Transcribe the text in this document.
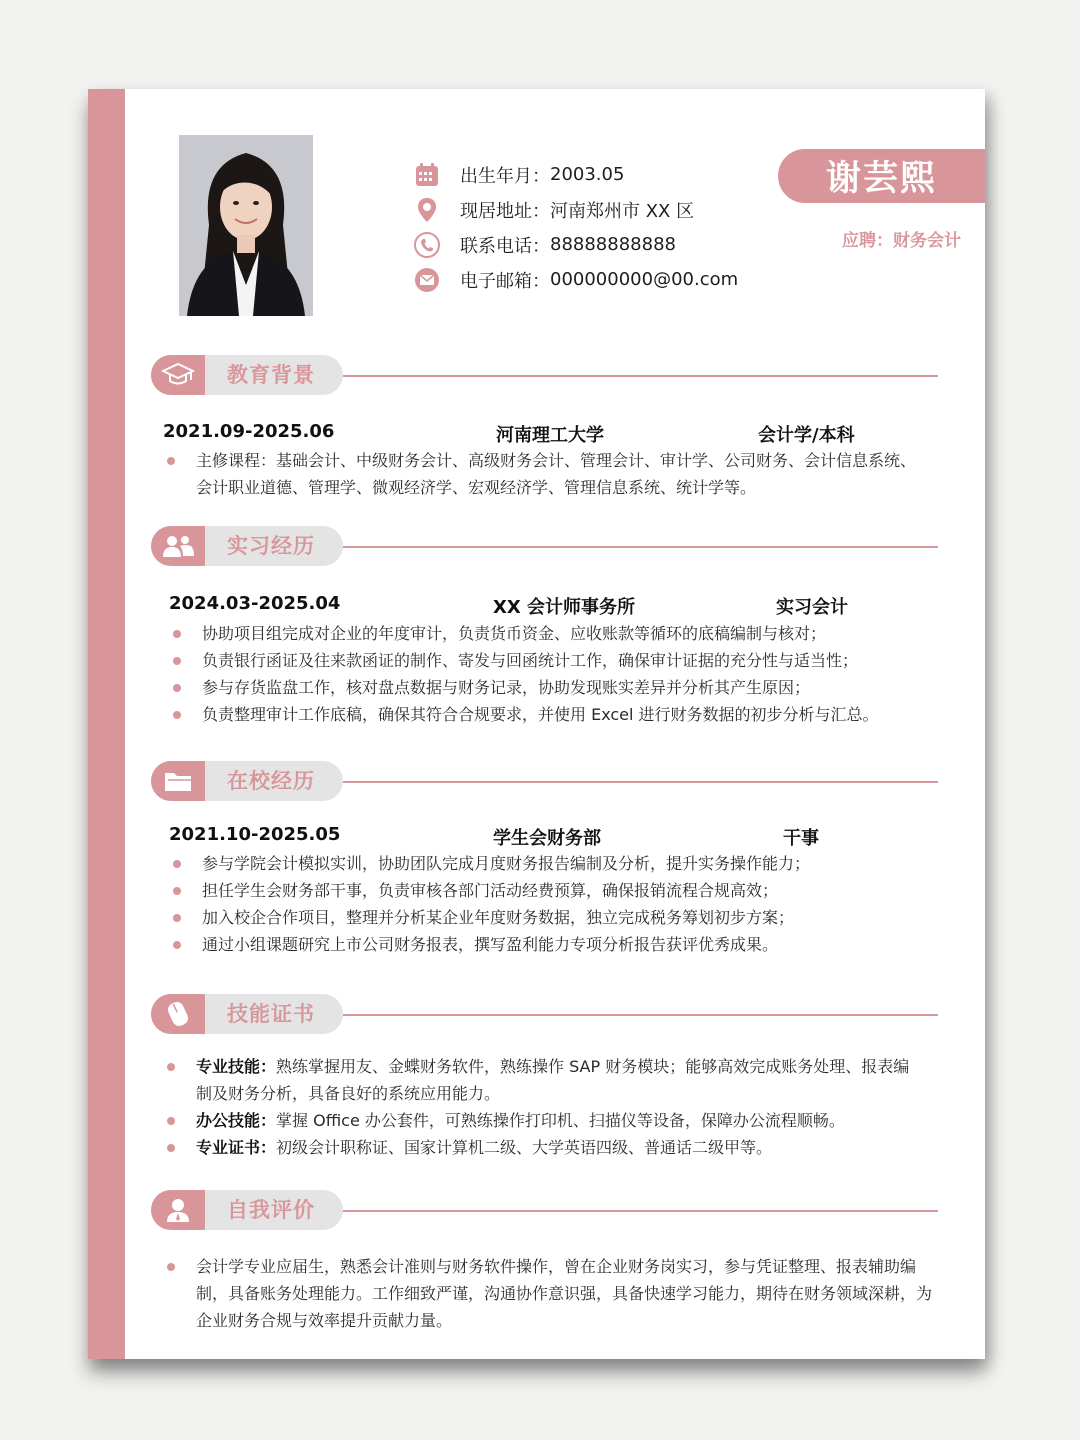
出生年月： 2003.05
现居地址： 河南郑州市 XX 区
联系电话： 88888888888
电子邮箱： 000000000@00.com
谢芸熙
应聘：财务会计
教育背景
2021.09-2025.06	河南理工大学	会计学/本科
主修课程：基础会计、中级财务会计、高级财务会计、管理会计、审计学、公司财务、会计信息系统、会计职业道德、管理学、微观经济学、宏观经济学、管理信息系统、统计学等。
实习经历
2024.03-2025.04	XX 会计师事务所	实习会计
协助项目组完成对企业的年度审计，负责货币资金、应收账款等循环的底稿编制与核对；
负责银行函证及往来款函证的制作、寄发与回函统计工作，确保审计证据的充分性与适当性；
参与存货监盘工作，核对盘点数据与财务记录，协助发现账实差异并分析其产生原因；
负责整理审计工作底稿，确保其符合合规要求，并使用 Excel 进行财务数据的初步分析与汇总。
在校经历
2021.10-2025.05	学生会财务部	干事
参与学院会计模拟实训，协助团队完成月度财务报告编制及分析，提升实务操作能力；
担任学生会财务部干事，负责审核各部门活动经费预算，确保报销流程合规高效；
加入校企合作项目，整理并分析某企业年度财务数据，独立完成税务筹划初步方案；
通过小组课题研究上市公司财务报表，撰写盈利能力专项分析报告获评优秀成果。
技能证书
专业技能：熟练掌握用友、金蝶财务软件，熟练操作 SAP 财务模块；能够高效完成账务处理、报表编制及财务分析，具备良好的系统应用能力。
办公技能：掌握 Office 办公套件，可熟练操作打印机、扫描仪等设备，保障办公流程顺畅。
专业证书：初级会计职称证、国家计算机二级、大学英语四级、普通话二级甲等。
自我评价
会计学专业应届生，熟悉会计准则与财务软件操作，曾在企业财务岗实习，参与凭证整理、报表辅助编制，具备账务处理能力。工作细致严谨，沟通协作意识强，具备快速学习能力，期待在财务领域深耕，为企业财务合规与效率提升贡献力量。
